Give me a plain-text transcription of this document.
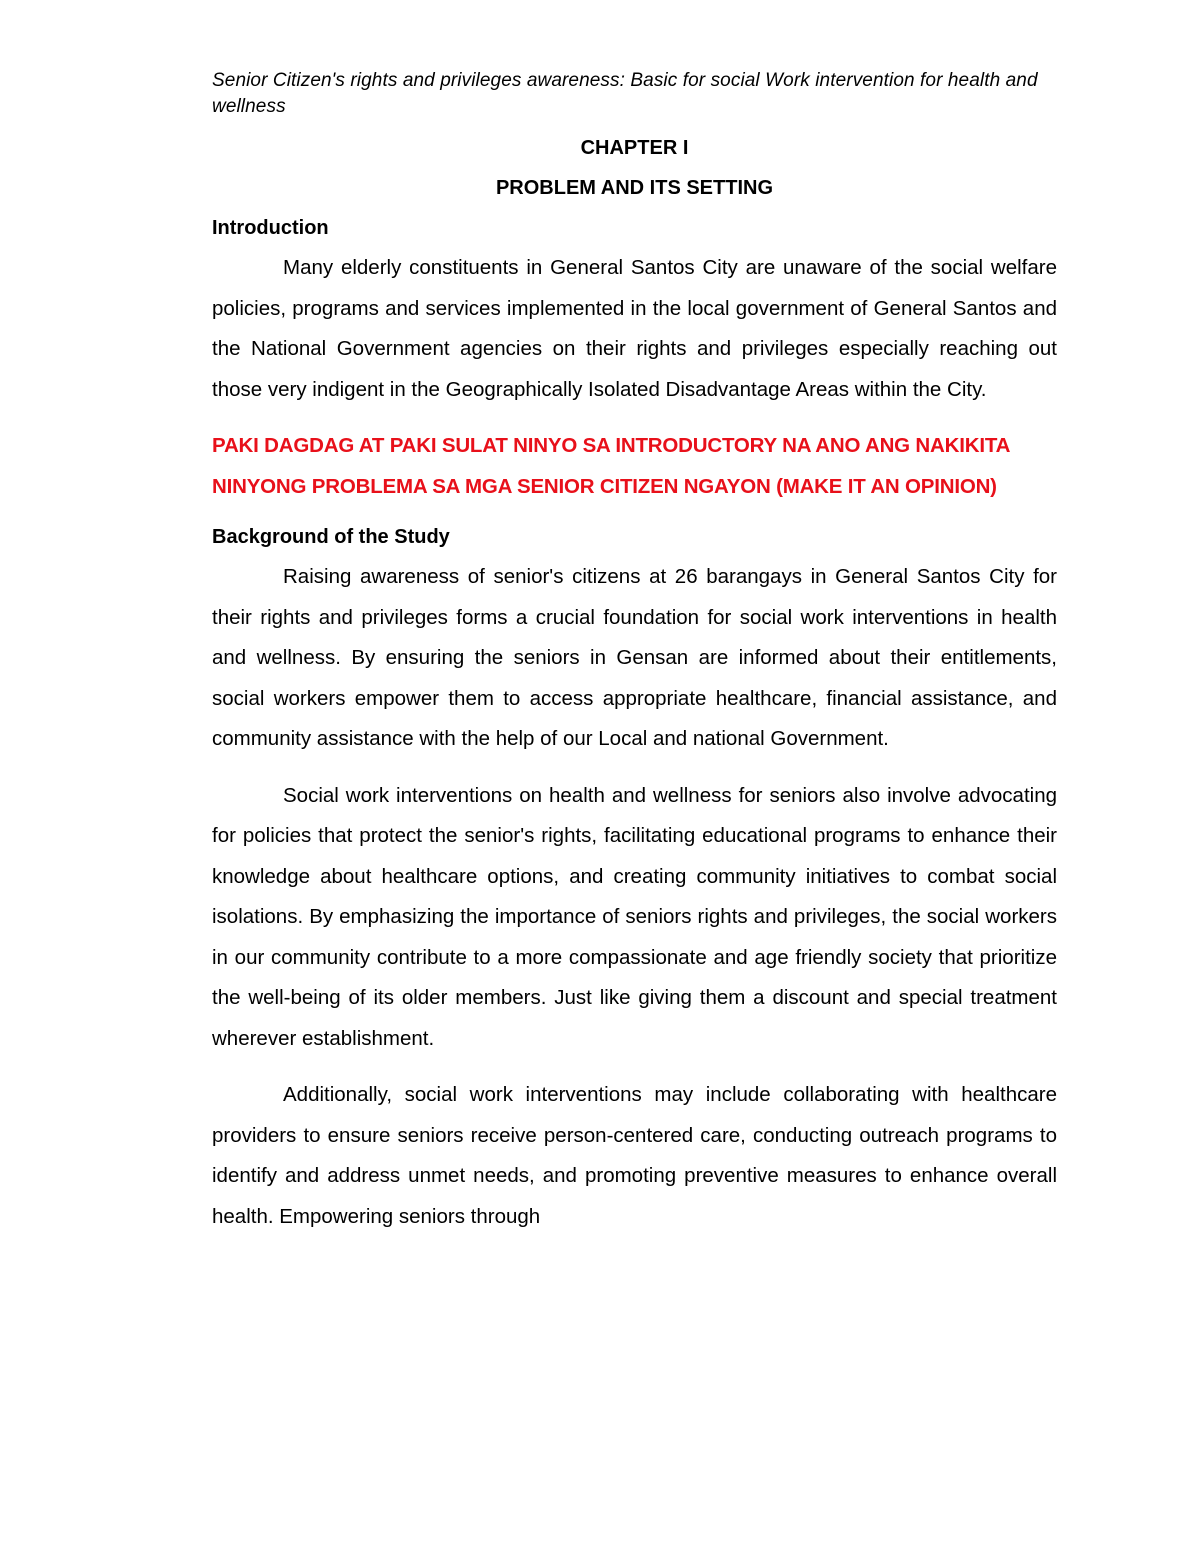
Senior Citizen's rights and privileges awareness: Basic for social Work intervention for health and wellness

CHAPTER I

PROBLEM AND ITS SETTING

Introduction

Many elderly constituents in General Santos City are unaware of the social welfare policies, programs and services implemented in the local government of General Santos and the National Government agencies on their rights and privileges especially reaching out those very indigent in the Geographically Isolated Disadvantage Areas within the City.

PAKI DAGDAG AT PAKI SULAT NINYO SA INTRODUCTORY NA ANO ANG NAKIKITA NINYONG PROBLEMA SA MGA SENIOR CITIZEN NGAYON (MAKE IT AN OPINION)

Background of the Study

Raising awareness of senior's citizens at 26 barangays in General Santos City for their rights and privileges forms a crucial foundation for social work interventions in health and wellness. By ensuring the seniors in Gensan are informed about their entitlements, social workers empower them to access appropriate healthcare, financial assistance, and community assistance with the help of our Local and national Government.

Social work interventions on health and wellness for seniors also involve advocating for policies that protect the senior's rights, facilitating educational programs to enhance their knowledge about healthcare options, and creating community initiatives to combat social isolations. By emphasizing the importance of seniors rights and privileges, the social workers in our community contribute to a more compassionate and age friendly society that prioritize the well-being of its older members. Just like giving them a discount and special treatment wherever establishment.

Additionally, social work interventions may include collaborating with healthcare providers to ensure seniors receive person-centered care, conducting outreach programs to identify and address unmet needs, and promoting preventive measures to enhance overall health. Empowering seniors through
